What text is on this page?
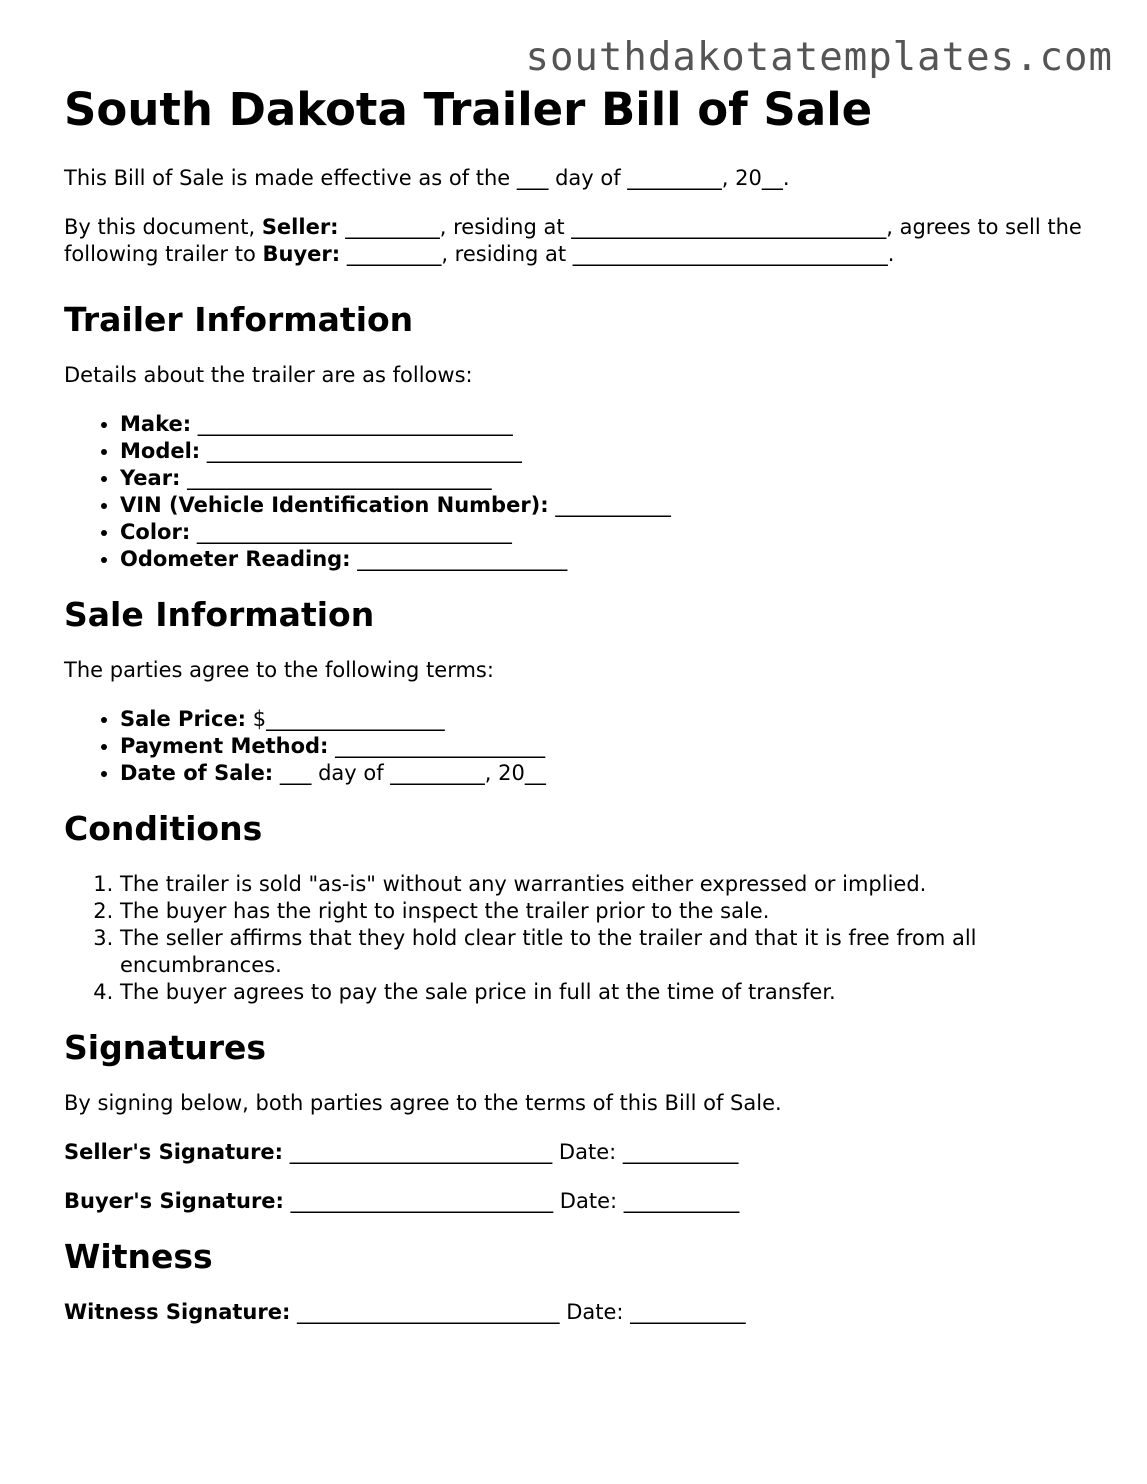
southdakotatemplates.com
South Dakota Trailer Bill of Sale

This Bill of Sale is made effective as of the ___ day of _________, 20__.

By this document, Seller: _________, residing at ______________________________, agrees to sell the following trailer to Buyer: _________, residing at ______________________________.

Trailer Information

Details about the trailer are as follows:

• Make: ______________________________
• Model: ______________________________
• Year: _____________________________
• VIN (Vehicle Identification Number): ___________
• Color: ______________________________
• Odometer Reading: ____________________
Sale Information

The parties agree to the following terms:

• Sale Price: $_________________
• Payment Method: ____________________
• Date of Sale: ___ day of _________, 20__
Conditions
1. The trailer is sold "as-is" without any warranties either expressed or implied.
2. The buyer has the right to inspect the trailer prior to the sale.
3. The seller affirms that they hold clear title to the trailer and that it is free from all encumbrances.
4. The buyer agrees to pay the sale price in full at the time of transfer.
Signatures

By signing below, both parties agree to the terms of this Bill of Sale.

Seller's Signature: _________________________ Date: ___________

Buyer's Signature: _________________________ Date: ___________

Witness

Witness Signature: _________________________ Date: ___________
